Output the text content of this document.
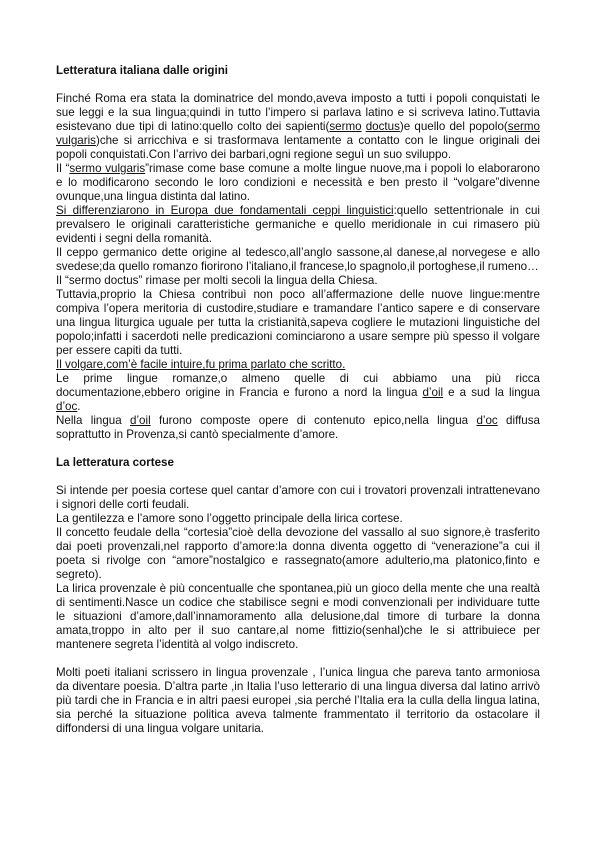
Letteratura italiana dalle origini

Finché Roma era stata la dominatrice del mondo,aveva imposto a tutti i popoli conquistati le sue leggi e la sua lingua;quindi in tutto l’impero si parlava latino e si scriveva latino.Tuttavia esistevano due tipi di latino:quello colto dei sapienti(sermo doctus)e quello del popolo(sermo vulgaris)che si arricchiva e si trasformava lentamente a contatto con le lingue originali dei popoli conquistati.Con l’arrivo dei barbari,ogni regione seguì un suo sviluppo.

Il “sermo vulgaris”rimase come base comune a molte lingue nuove,ma i popoli lo elaborarono e lo modificarono secondo le loro condizioni e necessità e ben presto il “volgare”divenne ovunque,una lingua distinta dal latino.

Si differenziarono in Europa due fondamentali ceppi linguistici:quello settentrionale in cui prevalsero le originali caratteristiche germaniche e quello meridionale in cui rimasero più evidenti i segni della romanità.

Il ceppo germanico dette origine al tedesco,all’anglo sassone,al danese,al norvegese e allo svedese;da quello romanzo fiorirono l’italiano,il francese,lo spagnolo,il portoghese,il rumeno…

Il “sermo doctus” rimase per molti secoli la lingua della Chiesa.

Tuttavia,proprio la Chiesa contribuì non poco all’affermazione delle nuove lingue:mentre compiva l’opera meritoria di custodire,studiare e tramandare l’antico sapere e di conservare una lingua liturgica uguale per tutta la cristianità,sapeva cogliere le mutazioni linguistiche del popolo;infatti i sacerdoti nelle predicazioni cominciarono a usare sempre più spesso il volgare per essere capiti da tutti.

Il volgare,com’è facile intuire,fu prima parlato che scritto.

Le prime lingue romanze,o almeno quelle di cui abbiamo una più ricca documentazione,ebbero origine in Francia e furono a nord la lingua d’oil e a sud la lingua d’oc.

Nella lingua d’oil furono composte opere di contenuto epico,nella lingua d’oc diffusa soprattutto in Provenza,si cantò specialmente d’amore.

La letteratura cortese

Si intende per poesia cortese quel cantar d’amore con cui i trovatori provenzali intrattenevano i signori delle corti feudali.

La gentilezza e l’amore sono l’oggetto principale della lirica cortese.

Il concetto feudale della “cortesia”cioè della devozione del vassallo al suo signore,è trasferito dai poeti provenzali,nel rapporto d’amore:la donna diventa oggetto di “venerazione”a cui il poeta si rivolge con “amore”nostalgico e rassegnato(amore adulterio,ma platonico,finto e segreto).

La lirica provenzale è più concentualle che spontanea,più un gioco della mente che una realtà di sentimenti.Nasce un codice che stabilisce segni e modi convenzionali per individuare tutte le situazioni d’amore,dall’innamoramento alla delusione,dal timore di turbare la donna amata,troppo in alto per il suo cantare,al nome fittizio(senhal)che le si attribuiece per mantenere segreta l’identità al volgo indiscreto.

Molti poeti italiani scrissero in lingua provenzale , l’unica lingua che pareva tanto armoniosa da diventare poesia. D’altra parte ,in Italia l’uso letterario di una lingua diversa dal latino arrivò più tardi che in Francia e in altri paesi europei ,sia perché l’Italia era la culla della lingua latina, sia perché la situazione politica aveva talmente frammentato il territorio da ostacolare il diffondersi di una lingua volgare unitaria.
